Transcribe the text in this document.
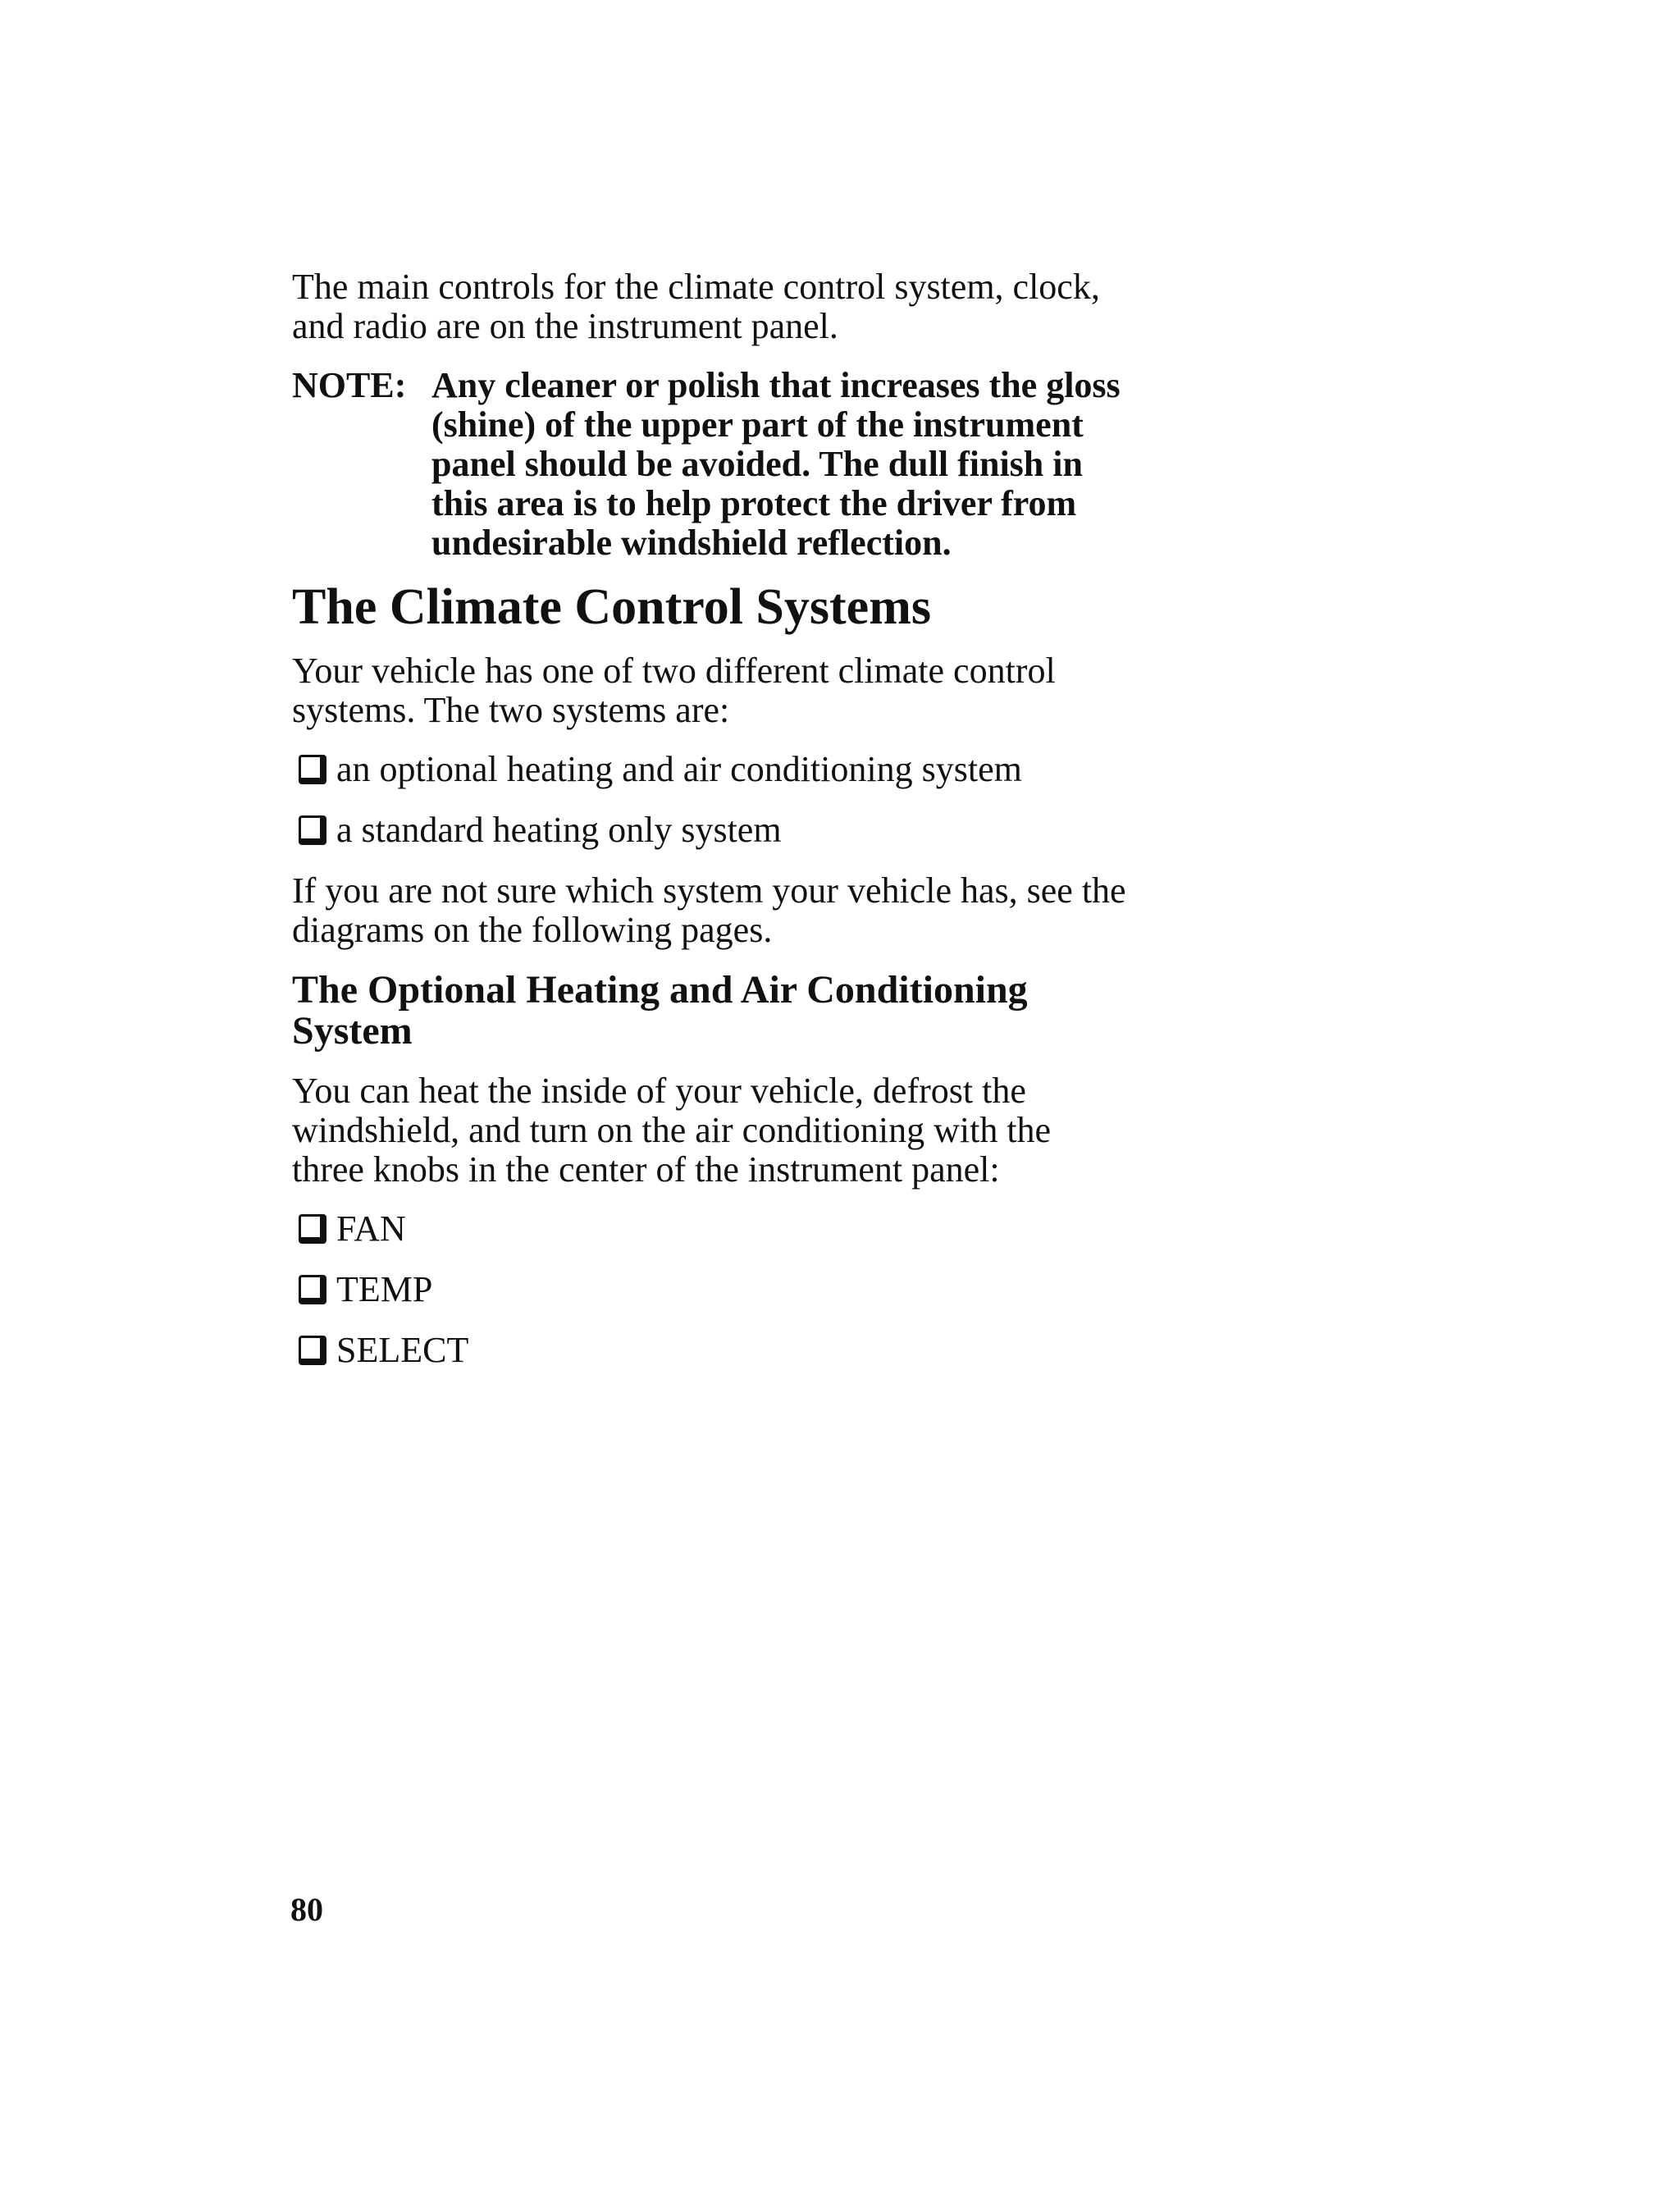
The main controls for the climate control system, clock, and radio are on the instrument panel.

NOTE: Any cleaner or polish that increases the gloss (shine) of the upper part of the instrument panel should be avoided. The dull finish in this area is to help protect the driver from undesirable windshield reflection.
The Climate Control Systems

Your vehicle has one of two different climate control systems. The two systems are:

an optional heating and air conditioning system
a standard heating only system

If you are not sure which system your vehicle has, see the diagrams on the following pages.

The Optional Heating and Air Conditioning System

You can heat the inside of your vehicle, defrost the windshield, and turn on the air conditioning with the three knobs in the center of the instrument panel:

FAN
TEMP
SELECT
80
